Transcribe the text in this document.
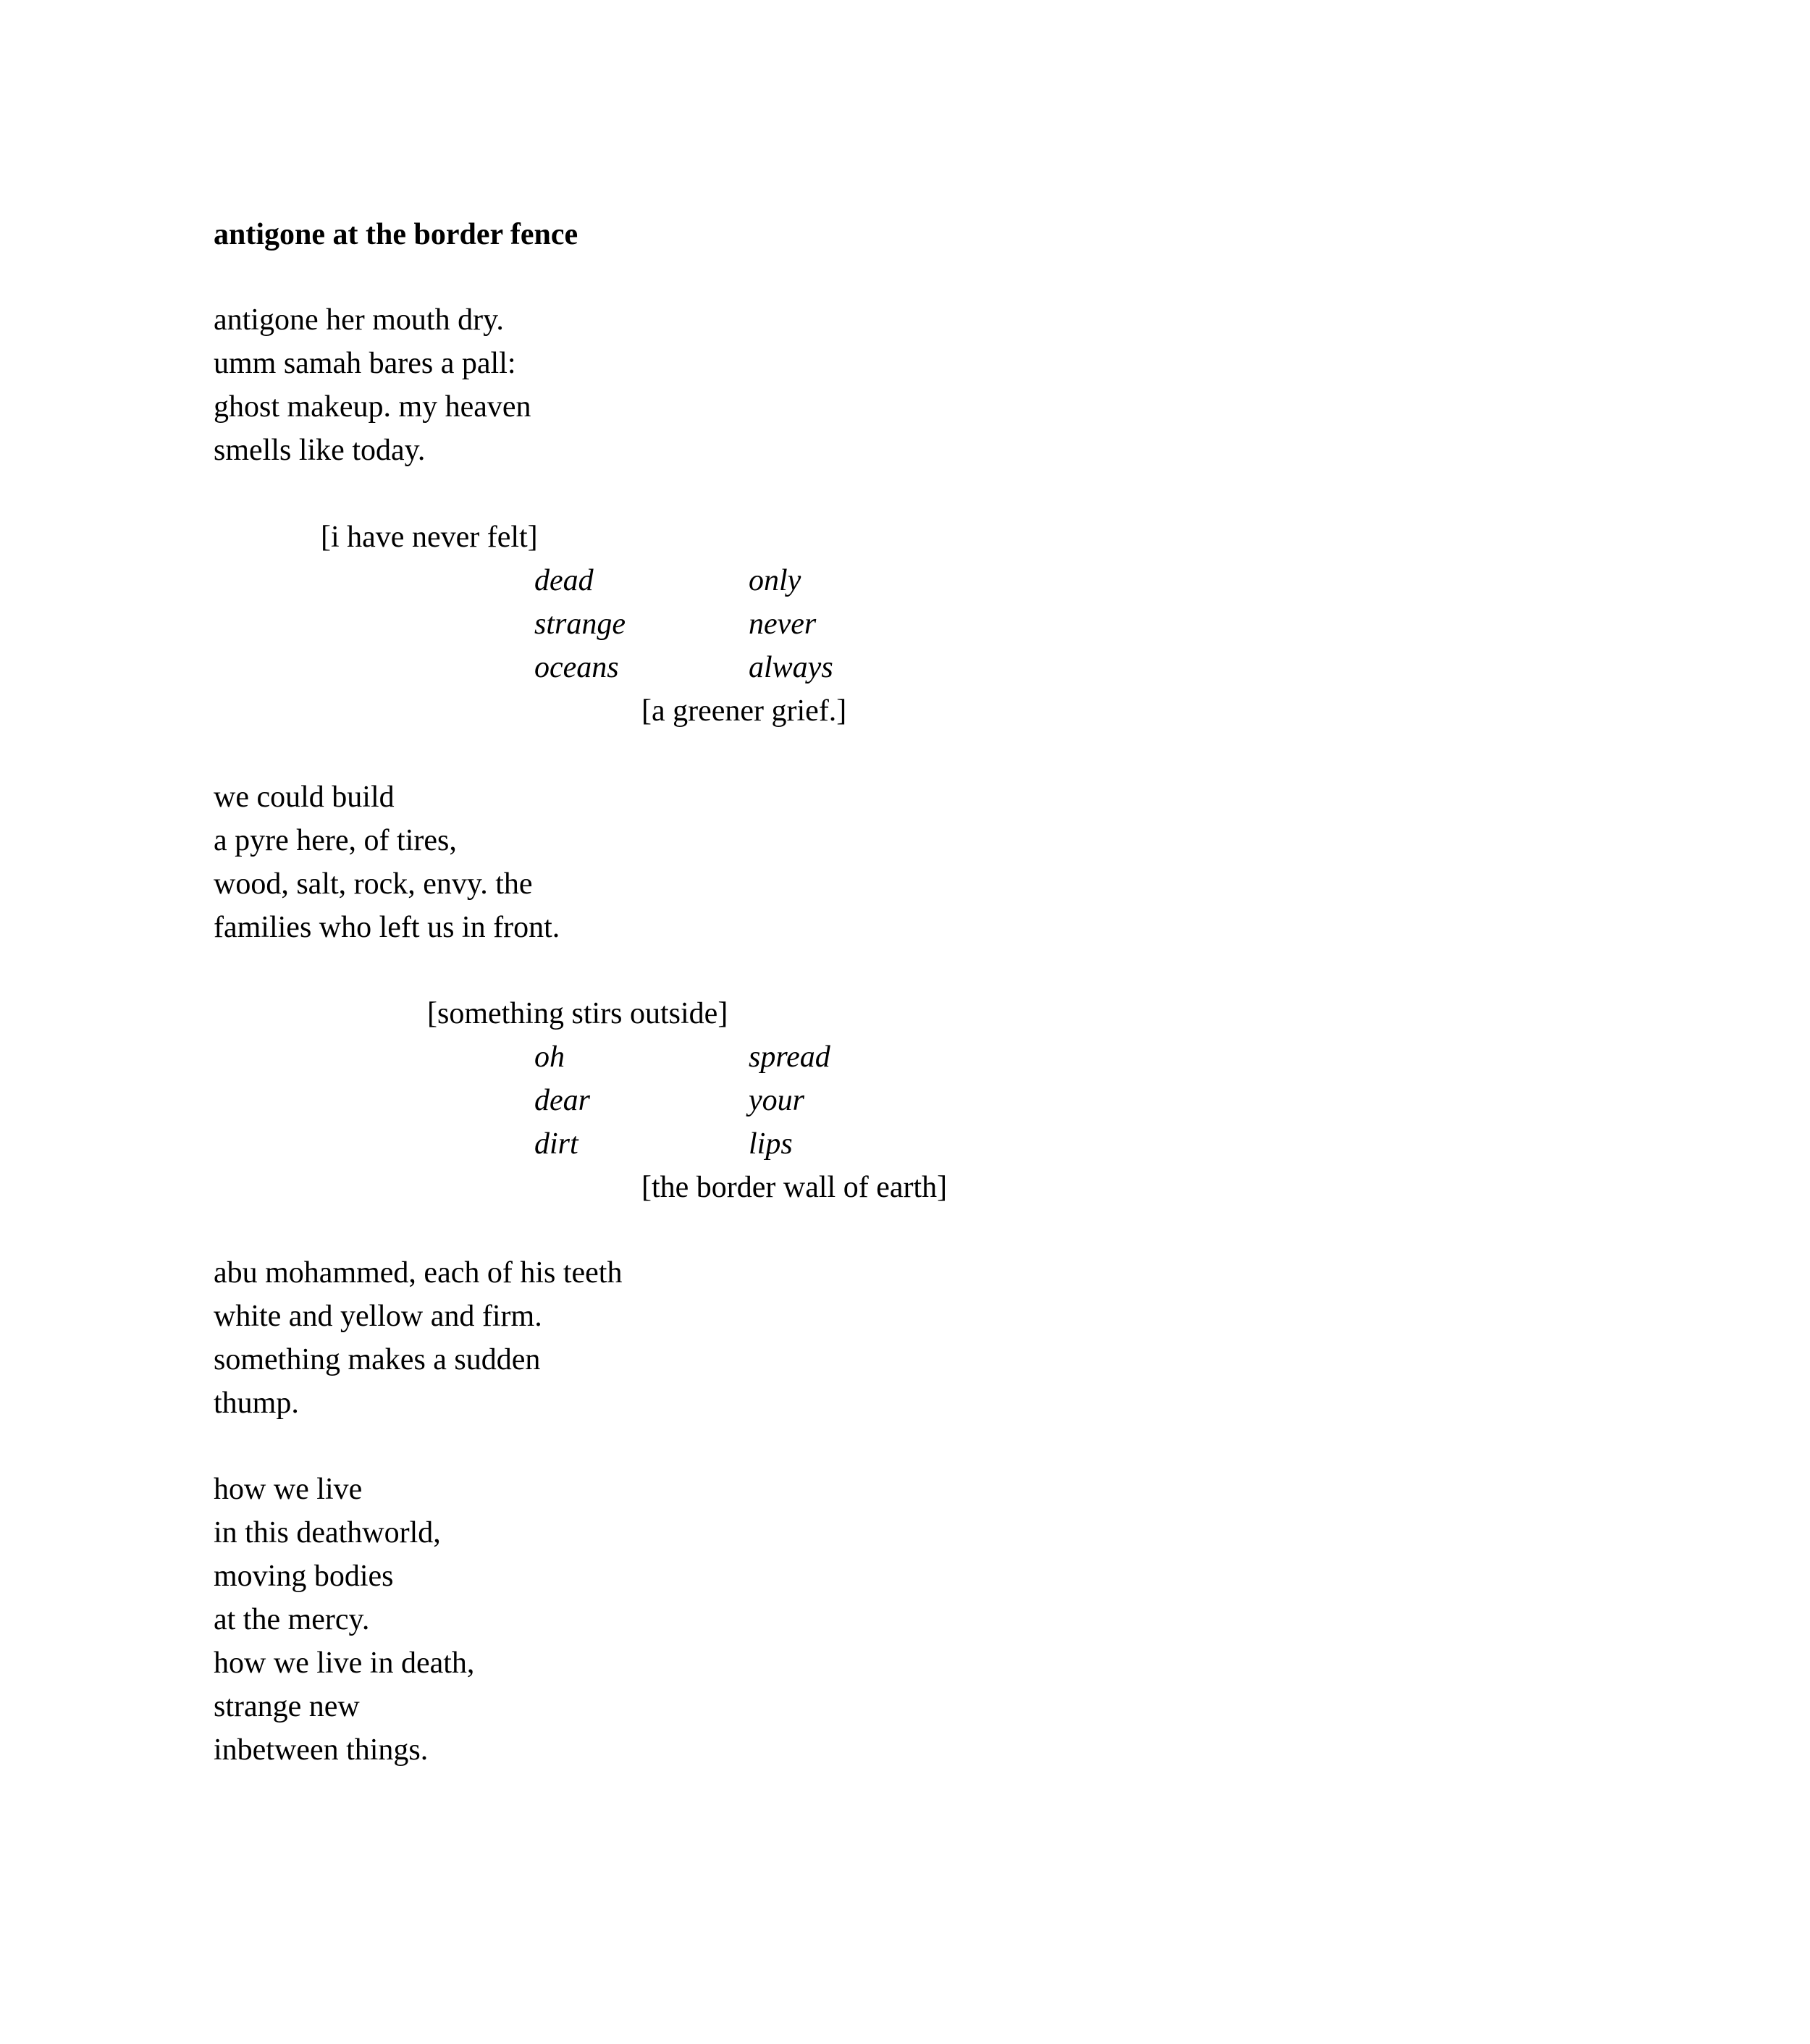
antigone at the border fence
antigone her mouth dry.
umm samah bares a pall:
ghost makeup. my heaven
smells like today.
[i have never felt]
dead	only
strange	never
oceans	always
[a greener grief.]
we could build
a pyre here, of tires,
wood, salt, rock, envy. the
families who left us in front.
[something stirs outside]
oh	spread
dear	your
dirt	lips
[the border wall of earth]
abu mohammed, each of his teeth
white and yellow and firm.
something makes a sudden
thump.
how we live
in this deathworld,
moving bodies
at the mercy.
how we live in death,
strange new
inbetween things.
